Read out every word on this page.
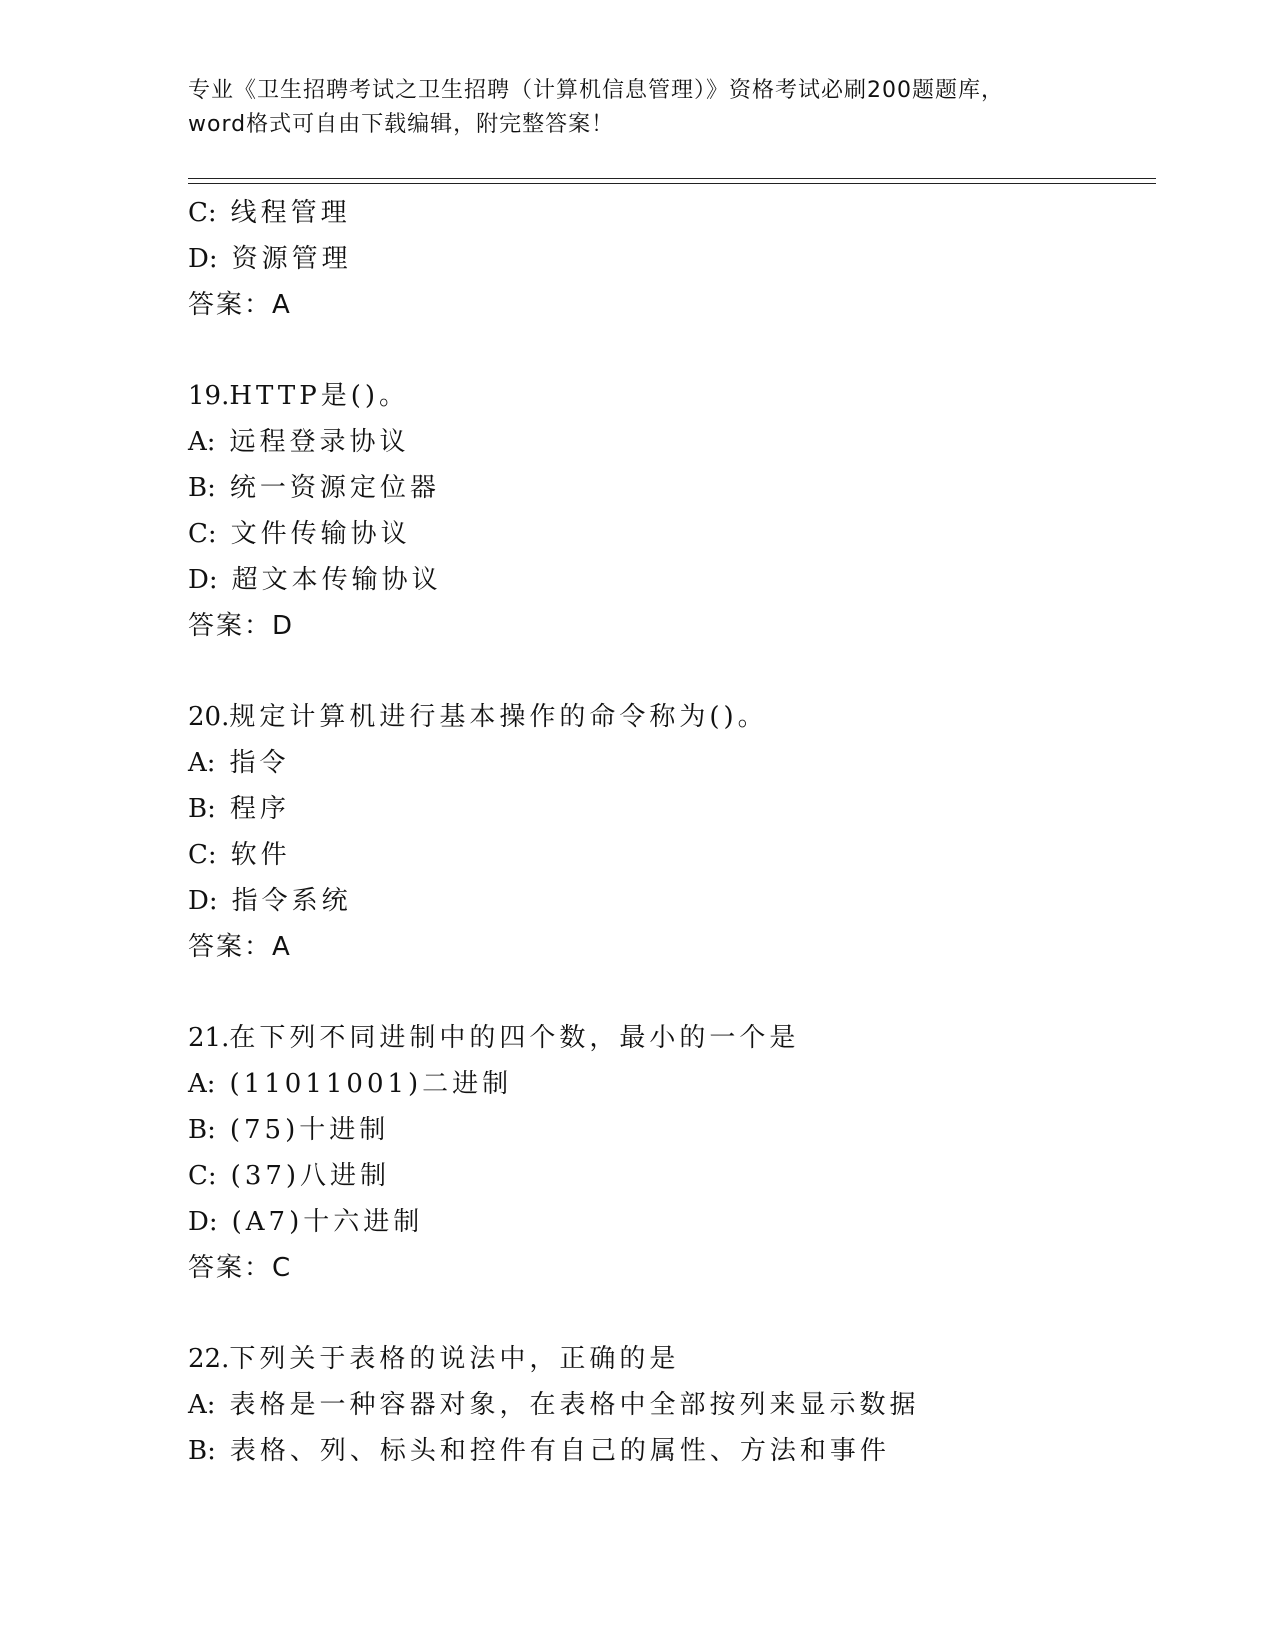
专业《卫生招聘考试之卫生招聘（计算机信息管理）》资格考试必刷200题题库，
word格式可自由下载编辑，附完整答案！
C: 线程管理
D: 资源管理
答案：A
19.HTTP是()。
A: 远程登录协议
B: 统一资源定位器
C: 文件传输协议
D: 超文本传输协议
答案：D
20.规定计算机进行基本操作的命令称为()。
A: 指令
B: 程序
C: 软件
D: 指令系统
答案：A
21.在下列不同进制中的四个数，最小的一个是
A: (11011001)二进制
B: (75)十进制
C: (37)八进制
D: (A7)十六进制
答案：C
22.下列关于表格的说法中，正确的是
A: 表格是一种容器对象，在表格中全部按列来显示数据
B: 表格、列、标头和控件有自己的属性、方法和事件
